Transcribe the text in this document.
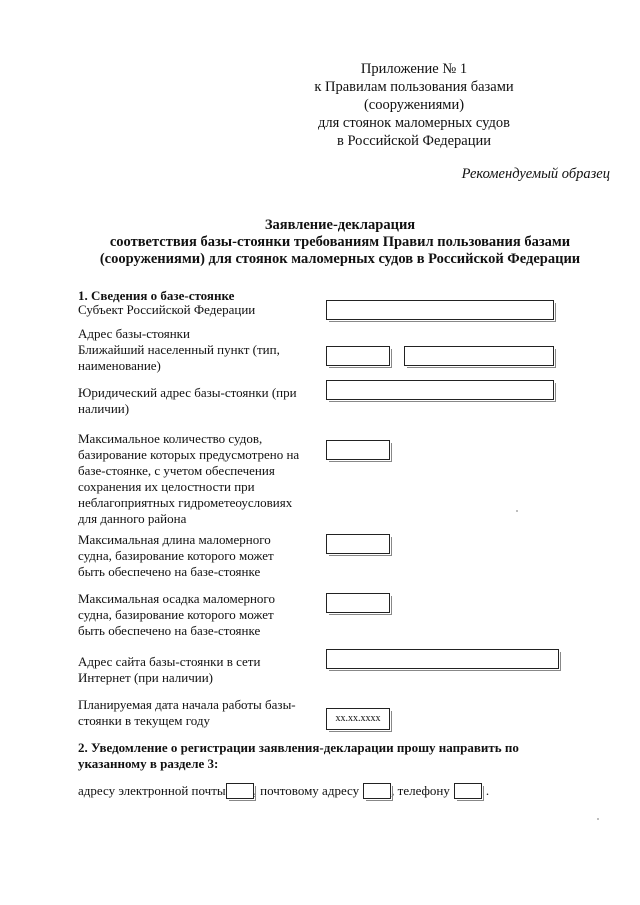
Приложение № 1
к Правилам пользования базами
(сооружениями)
для стоянок маломерных судов
в Российской Федерации
Рекомендуемый образец
Заявление-декларация
соответствия базы-стоянки требованиям Правил пользования базами
(сооружениями) для стоянок маломерных судов в Российской Федерации
1. Сведения о базе-стоянке
Субъект Российской Федерации
Адрес базы-стоянки
Ближайший населенный пункт (тип, наименование)
Юридический адрес базы-стоянки (при наличии)
Максимальное количество судов, базирование которых предусмотрено на базе-стоянке, с учетом обеспечения сохранения их целостности при неблагоприятных гидрометеоусловиях для данного района
Максимальная длина маломерного судна, базирование которого может быть обеспечено на базе-стоянке
Максимальная осадка маломерного судна, базирование которого может быть обеспечено на базе-стоянке
Адрес сайта базы-стоянки в сети Интернет (при наличии)
Планируемая дата начала работы базы-стоянки в текущем году	xx.xx.xxxx
2. Уведомление о регистрации заявления-декларации прошу направить по указанному в разделе 3:
адресу электронной почты , почтовому адресу , телефону	.
